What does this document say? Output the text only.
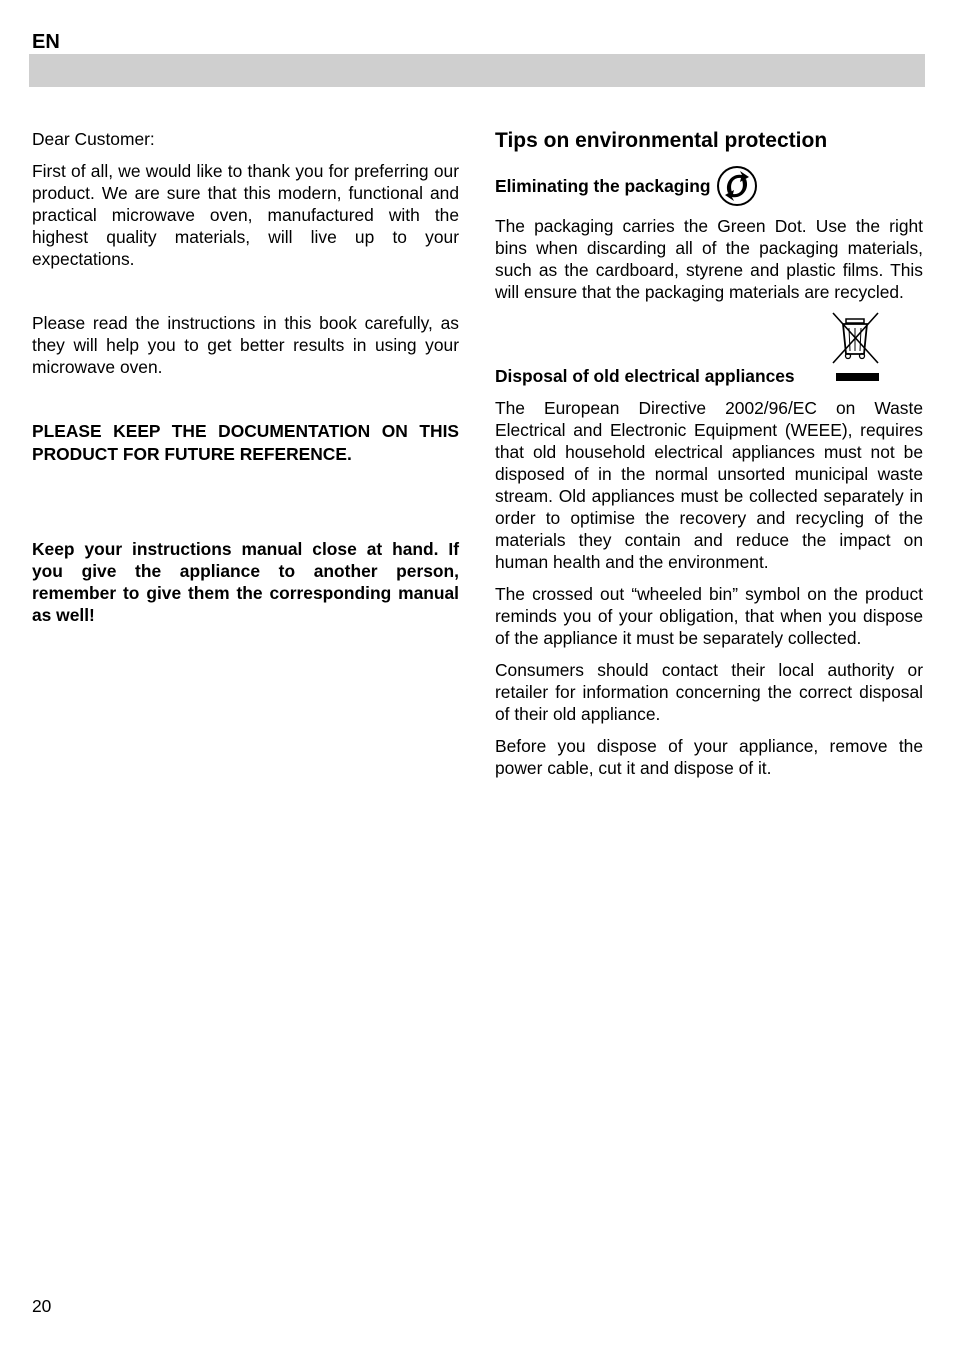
EN

Dear Customer:

First of all, we would like to thank you for preferring our product. We are sure that this modern, functional and practical microwave oven, manufactured with the highest quality materials, will live up to your expectations.

Please read the instructions in this book carefully, as they will help you to get better results in using your microwave oven.

PLEASE KEEP THE DOCUMENTATION ON THIS PRODUCT FOR FUTURE REFERENCE.

Keep your instructions manual close at hand. If you give the appliance to another person, remember to give them the corresponding manual as well!

Tips on environmental protection

Eliminating the packaging

The packaging carries the Green Dot. Use the right bins when discarding all of the packaging materials, such as the cardboard, styrene and plastic films. This will ensure that the packaging materials are recycled.

Disposal of old electrical appliances

The European Directive 2002/96/EC on Waste Electrical and Electronic Equipment (WEEE), requires that old household electrical appliances must not be disposed of in the normal unsorted municipal waste stream. Old appliances must be collected separately in order to optimise the recovery and recycling of the materials they contain and reduce the impact on human health and the environment.

The crossed out “wheeled bin” symbol on the product reminds you of your obligation, that when you dispose of the appliance it must be separately collected.

Consumers should contact their local authority or retailer for information concerning the correct disposal of their old appliance.

Before you dispose of your appliance, remove the power cable, cut it and dispose of it.

20
